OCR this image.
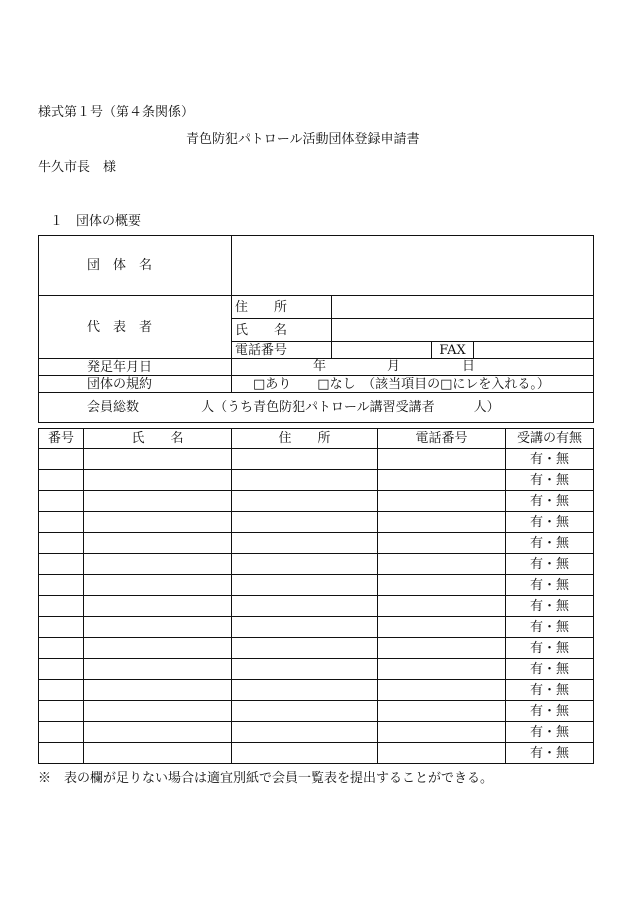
様式第１号（第４条関係）
青色防犯パトロール活動団体登録申請書
牛久市長　様
１　団体の概要
団　体　名				
代　表　者	住　　所			
	氏　　名			
	電話番号		FAX	
発足年月日	年 月 日			

団体の規約	□あり　　□なし　（該当項目の□にレを入れる。）			
会員総数 人（うち青色防犯パトロール講習受講者　　　人）				
番号	氏　　名	住　　所	電話番号	受講の有無
				有・無
				有・無
				有・無
				有・無
				有・無
				有・無
				有・無
				有・無
				有・無
				有・無
				有・無
				有・無
				有・無
				有・無
				有・無
※　表の欄が足りない場合は適宜別紙で会員一覧表を提出することができる。
